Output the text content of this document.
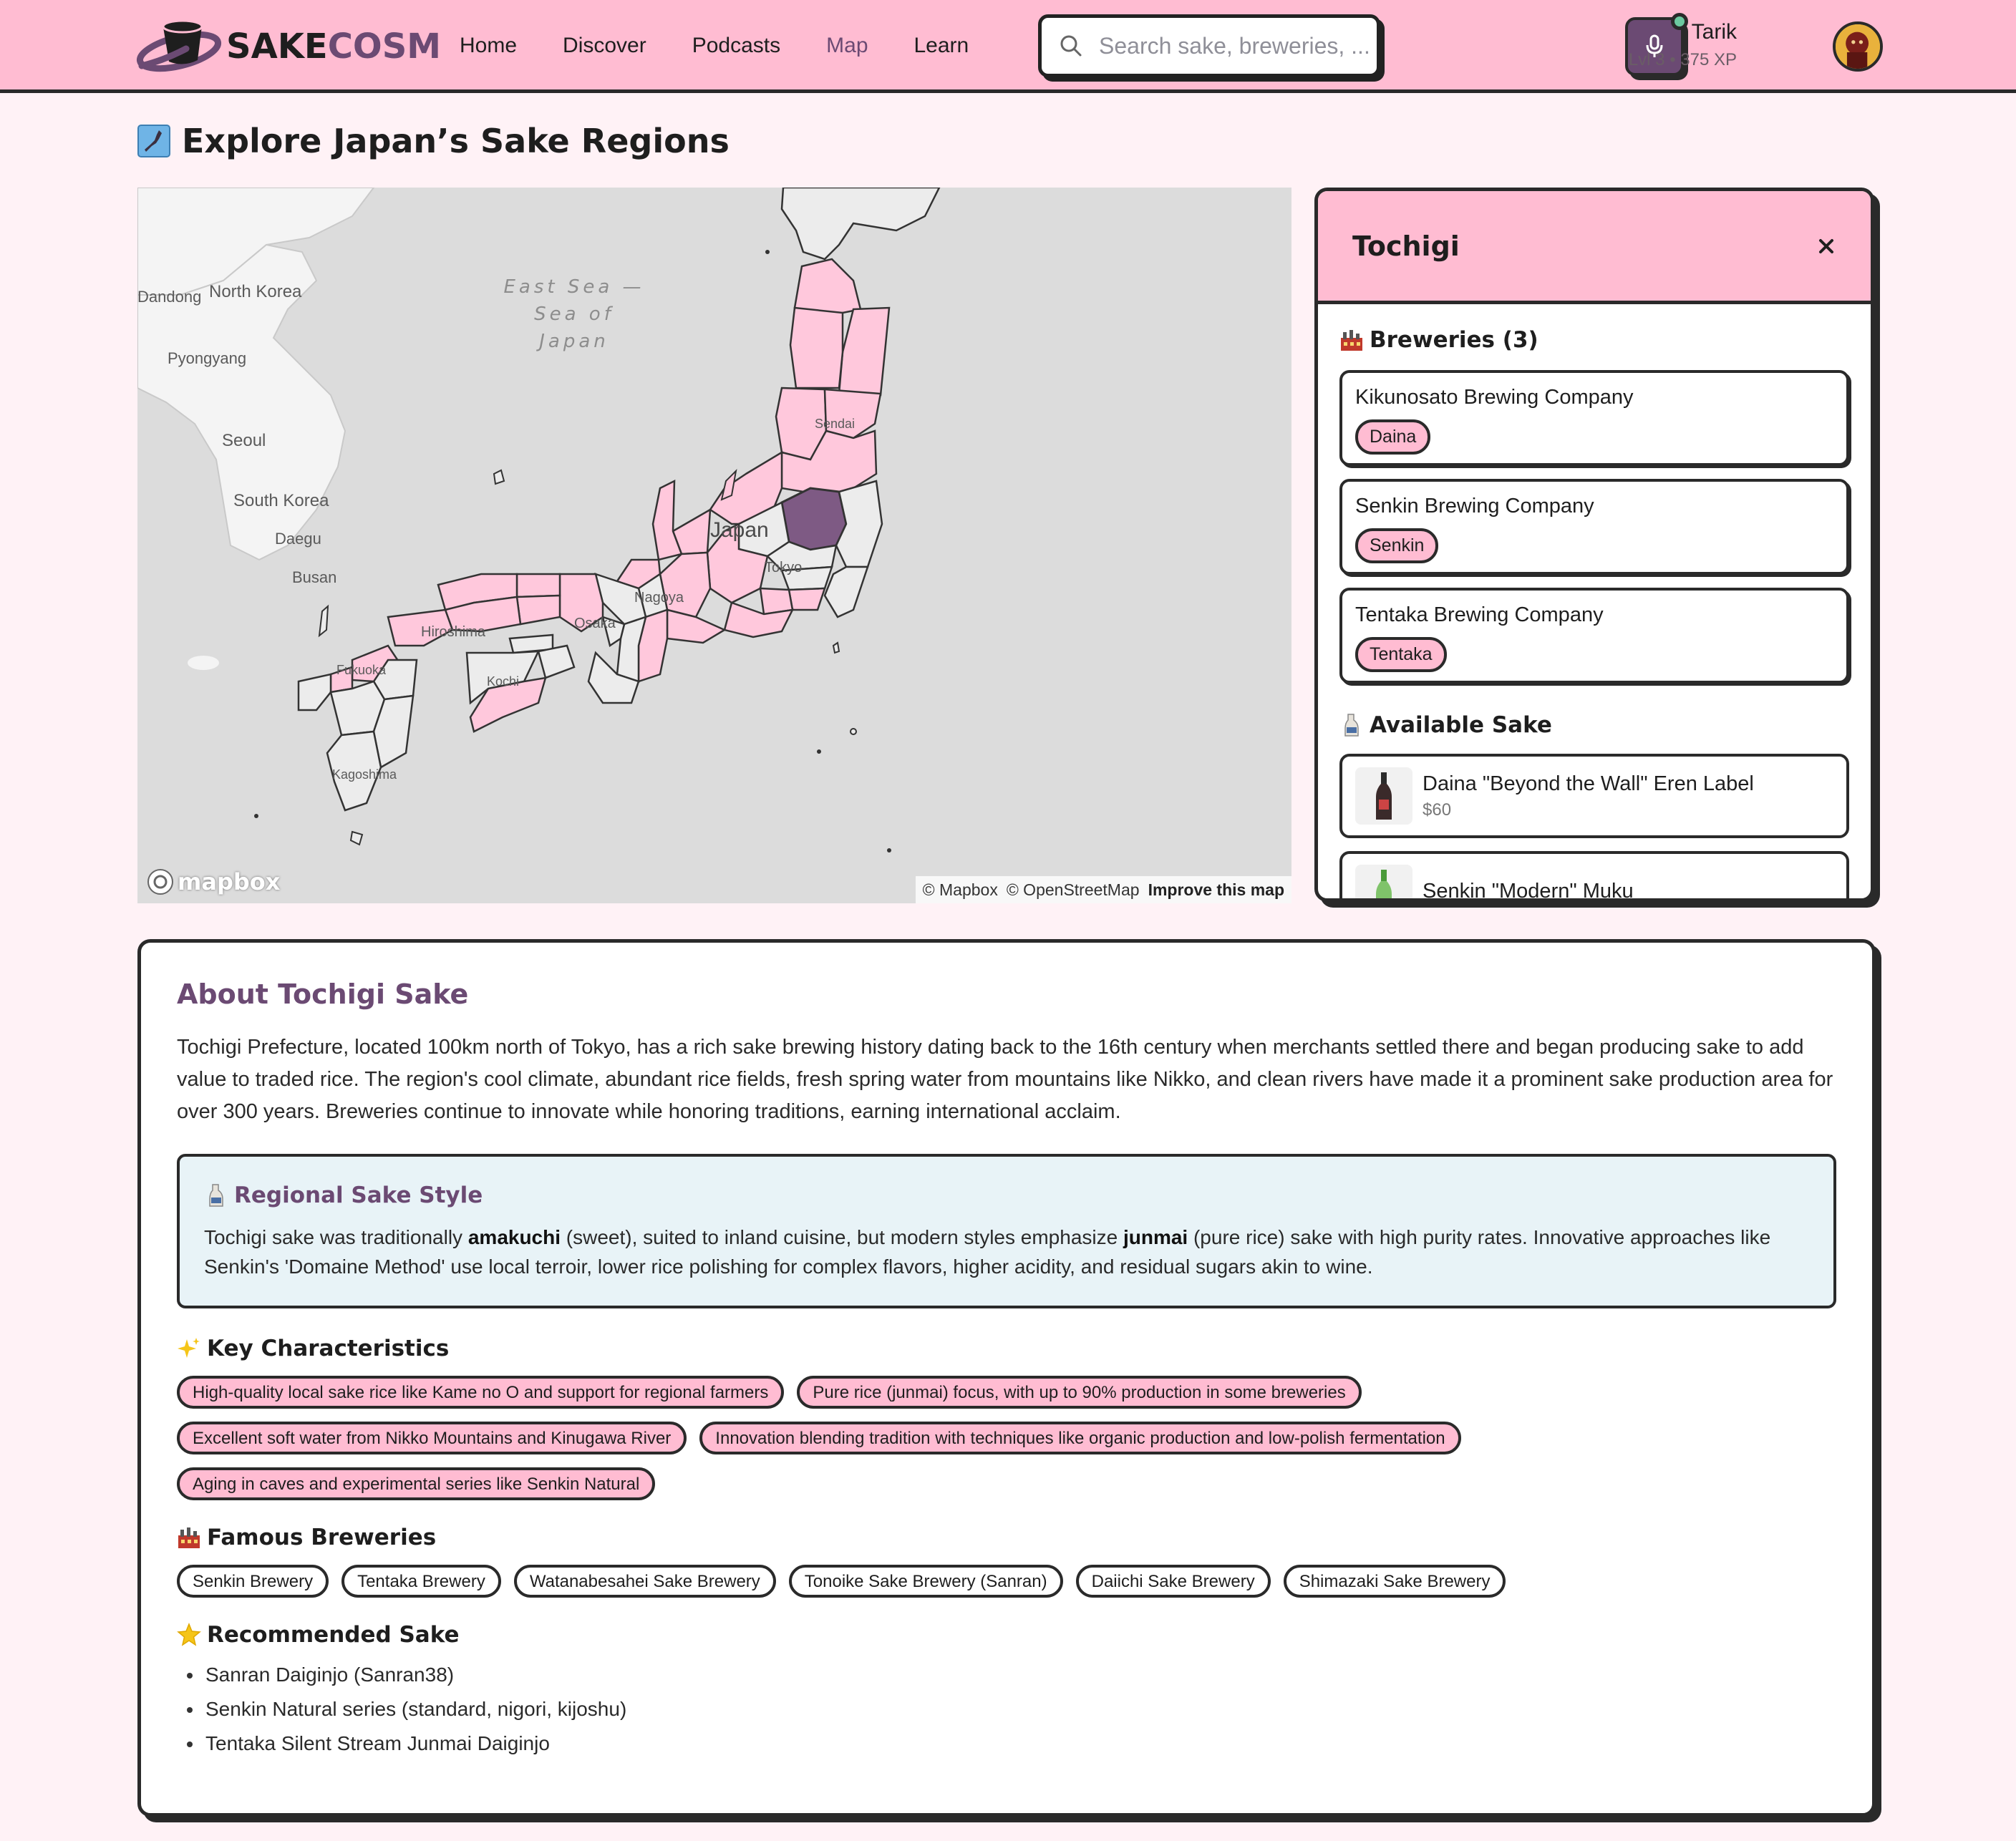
SAKECOSM Home Discover Podcasts Map Learn
Search sake, breweries, ...
Tarik
Lvl 3 • 375 XP
Explore Japan’s Sake Regions
Dandong North Korea
Pyongyang
Seoul
South Korea
Daegu
Busan
East Sea — Sea of Japan
Japan
Sendai
Tokyo
Nagoya
Osaka
Hiroshima
Kochi
Fukuoka
Kagoshima
mapbox	© Mapbox © OpenStreetMap Improve this map
Tochigi
Breweries (3)
Kikunosato Brewing Company
Daina
Senkin Brewing Company
Senkin
Tentaka Brewing Company
Tentaka
Available Sake
Daina "Beyond the Wall" Eren Label
$60
Senkin "Modern" Muku
About Tochigi Sake

Tochigi Prefecture, located 100km north of Tokyo, has a rich sake brewing history dating back to the 16th century when merchants settled there and began producing sake to add value to traded rice. The region's cool climate, abundant rice fields, fresh spring water from mountains like Nikko, and clean rivers have made it a prominent sake production area for over 300 years. Breweries continue to innovate while honoring traditions, earning international acclaim.

Regional Sake Style

Tochigi sake was traditionally amakuchi (sweet), suited to inland cuisine, but modern styles emphasize junmai (pure rice) sake with high purity rates. Innovative approaches like Senkin's 'Domaine Method' use local terroir, lower rice polishing for complex flavors, higher acidity, and residual sugars akin to wine.

Key Characteristics
High-quality local sake rice like Kame no O and support for regional farmers	Pure rice (junmai) focus, with up to 90% production in some breweries
Excellent soft water from Nikko Mountains and Kinugawa River	Innovation blending tradition with techniques like organic production and low-polish fermentation
Aging in caves and experimental series like Senkin Natural
Famous Breweries
Senkin Brewery	Tentaka Brewery	Watanabesahei Sake Brewery	Tonoike Sake Brewery (Sanran)	Daiichi Sake Brewery	Shimazaki Sake Brewery
Recommended Sake
Sanran Daiginjo (Sanran38)
Senkin Natural series (standard, nigori, kijoshu)
Tentaka Silent Stream Junmai Daiginjo
